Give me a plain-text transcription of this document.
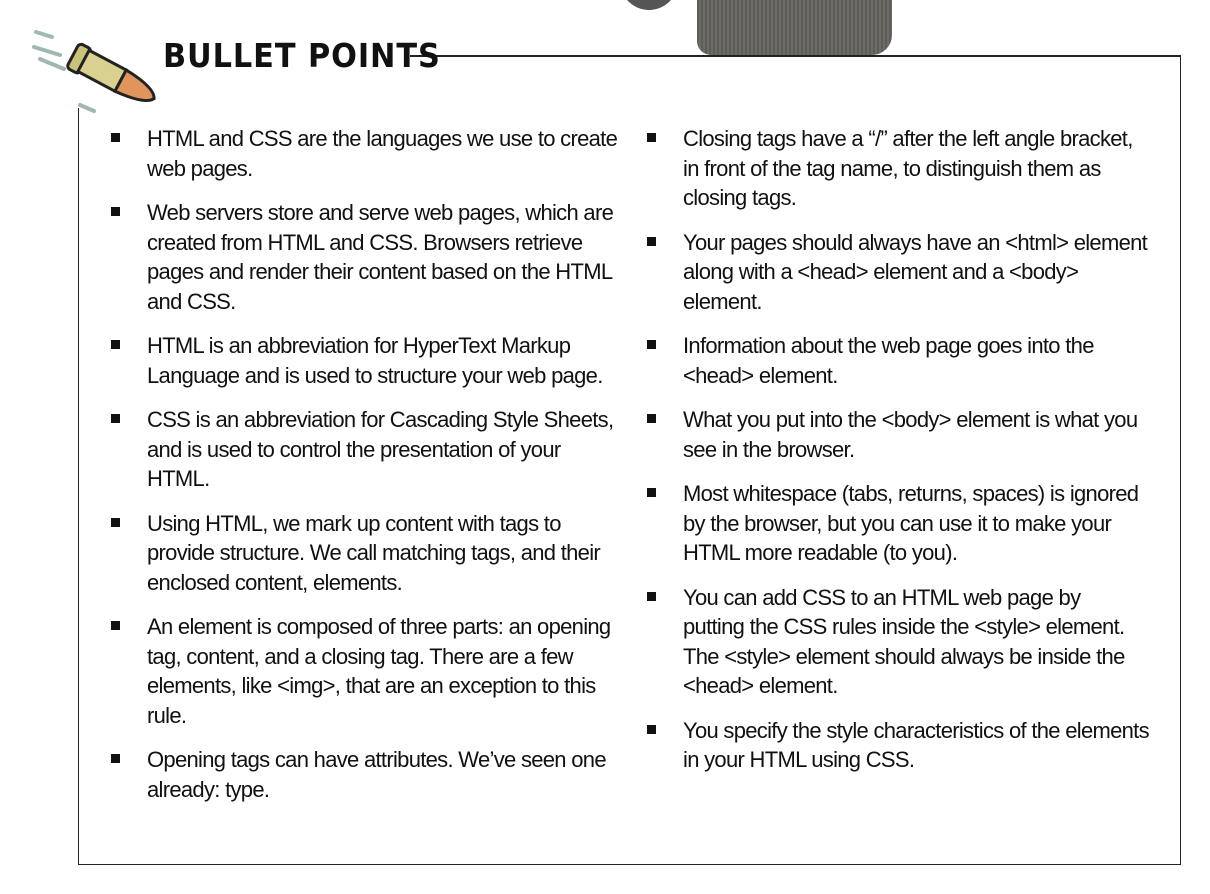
BULLET POINTS
HTML and CSS are the languages we use to create
web pages.
Web servers store and serve web pages, which are
created from HTML and CSS. Browsers retrieve
pages and render their content based on the HTML
and CSS.
HTML is an abbreviation for HyperText Markup
Language and is used to structure your web page.
CSS is an abbreviation for Cascading Style Sheets,
and is used to control the presentation of your
HTML.
Using HTML, we mark up content with tags to
provide structure. We call matching tags, and their
enclosed content, elements.
An element is composed of three parts: an opening
tag, content, and a closing tag. There are a few
elements, like <img>, that are an exception to this
rule.
Opening tags can have attributes. We’ve seen one
already: type.
Closing tags have a “/” after the left angle bracket,
in front of the tag name, to distinguish them as
closing tags.
Your pages should always have an <html> element
along with a <head> element and a <body>
element.
Information about the web page goes into the
<head> element.
What you put into the <body> element is what you
see in the browser.
Most whitespace (tabs, returns, spaces) is ignored
by the browser, but you can use it to make your
HTML more readable (to you).
You can add CSS to an HTML web page by
putting the CSS rules inside the <style> element.
The <style> element should always be inside the
<head> element.
You specify the style characteristics of the elements
in your HTML using CSS.
